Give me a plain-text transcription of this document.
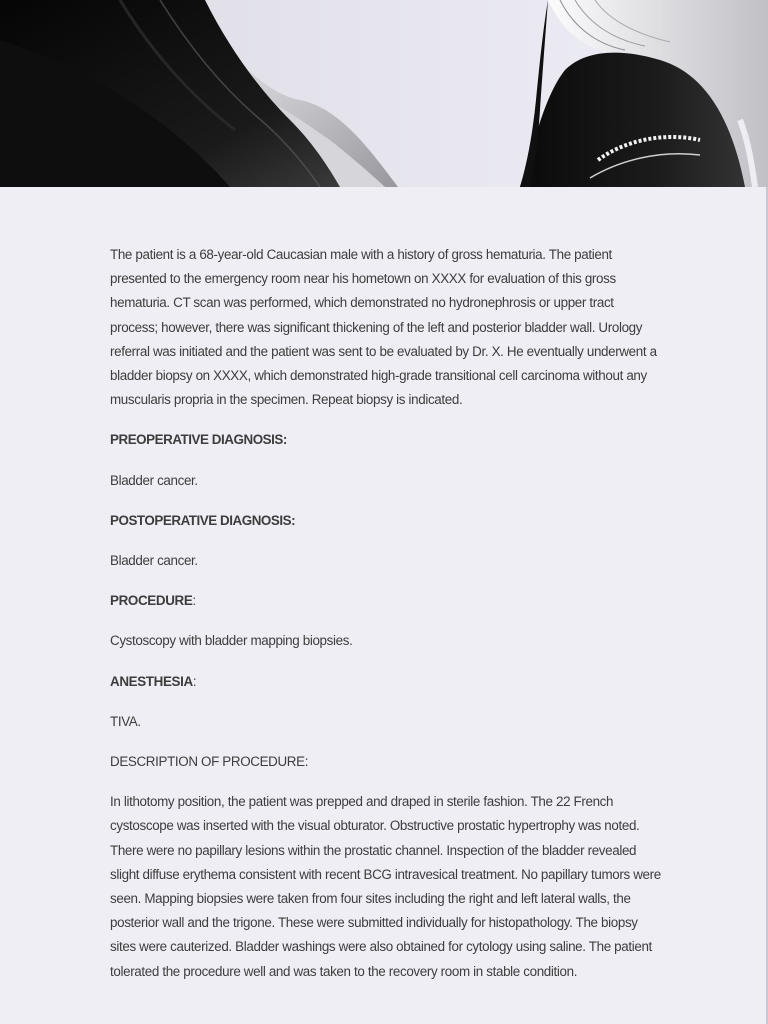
The patient is a 68-year-old Caucasian male with a history of gross hematuria. The patient presented to the emergency room near his hometown on XXXX for evaluation of this gross hematuria. CT scan was performed, which demonstrated no hydronephrosis or upper tract process; however, there was significant thickening of the left and posterior bladder wall. Urology referral was initiated and the patient was sent to be evaluated by Dr. X. He eventually underwent a bladder biopsy on XXXX, which demonstrated high-grade transitional cell carcinoma without any muscularis propria in the specimen. Repeat biopsy is indicated.

PREOPERATIVE DIAGNOSIS:

Bladder cancer.

POSTOPERATIVE DIAGNOSIS:

Bladder cancer.

PROCEDURE:

Cystoscopy with bladder mapping biopsies.

ANESTHESIA:

TIVA.

DESCRIPTION OF PROCEDURE:

In lithotomy position, the patient was prepped and draped in sterile fashion. The 22 French cystoscope was inserted with the visual obturator. Obstructive prostatic hypertrophy was noted. There were no papillary lesions within the prostatic channel. Inspection of the bladder revealed slight diffuse erythema consistent with recent BCG intravesical treatment. No papillary tumors were seen. Mapping biopsies were taken from four sites including the right and left lateral walls, the posterior wall and the trigone. These were submitted individually for histopathology. The biopsy sites were cauterized. Bladder washings were also obtained for cytology using saline. The patient tolerated the procedure well and was taken to the recovery room in stable condition.
